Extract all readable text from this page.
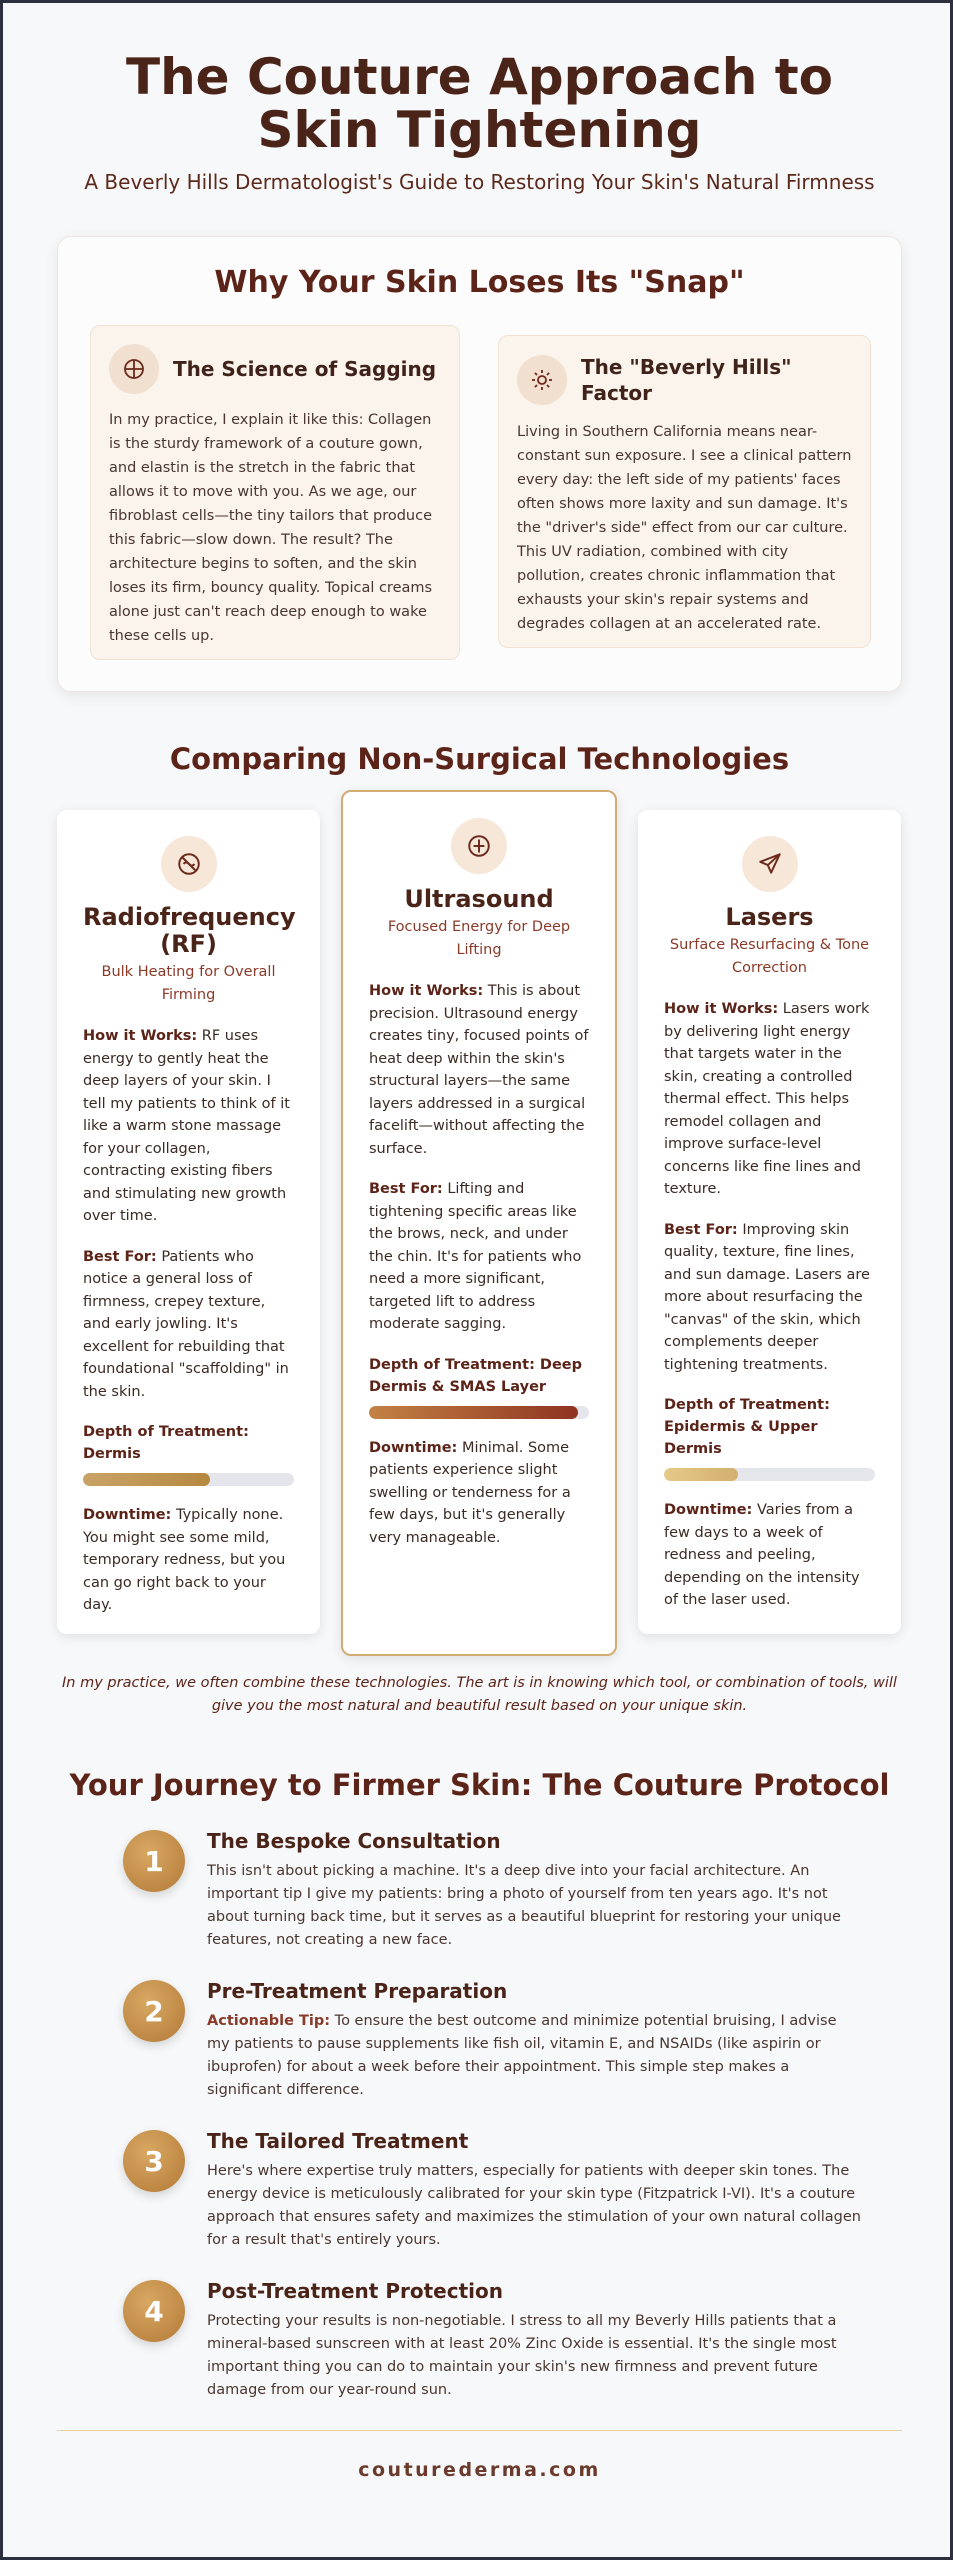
The Couture Approach to Skin Tightening

A Beverly Hills Dermatologist's Guide to Restoring Your Skin's Natural Firmness

Why Your Skin Loses Its "Snap"
The Science of Sagging

In my practice, I explain it like this: Collagen is the sturdy framework of a couture gown, and elastin is the stretch in the fabric that allows it to move with you. As we age, our fibroblast cells—the tiny tailors that produce this fabric—slow down. The result? The architecture begins to soften, and the skin loses its firm, bouncy quality. Topical creams alone just can't reach deep enough to wake these cells up.

The "Beverly Hills" Factor

Living in Southern California means near-constant sun exposure. I see a clinical pattern every day: the left side of my patients' faces often shows more laxity and sun damage. It's the "driver's side" effect from our car culture. This UV radiation, combined with city pollution, creates chronic inflammation that exhausts your skin's repair systems and degrades collagen at an accelerated rate.

Comparing Non-Surgical Technologies
Radiofrequency (RF)
Bulk Heating for Overall Firming
How it Works: RF uses energy to gently heat the deep layers of your skin. I tell my patients to think of it like a warm stone massage for your collagen, contracting existing fibers and stimulating new growth over time.
Best For: Patients who notice a general loss of firmness, crepey texture, and early jowling. It's excellent for rebuilding that foundational "scaffolding" in the skin.
Depth of Treatment: Dermis
Downtime: Typically none. You might see some mild, temporary redness, but you can go right back to your day.
Ultrasound
Focused Energy for Deep Lifting
How it Works: This is about precision. Ultrasound energy creates tiny, focused points of heat deep within the skin's structural layers—the same layers addressed in a surgical facelift—without affecting the surface.
Best For: Lifting and tightening specific areas like the brows, neck, and under the chin. It's for patients who need a more significant, targeted lift to address moderate sagging.
Depth of Treatment: Deep Dermis & SMAS Layer
Downtime: Minimal. Some patients experience slight swelling or tenderness for a few days, but it's generally very manageable.
Lasers
Surface Resurfacing & Tone Correction
How it Works: Lasers work by delivering light energy that targets water in the skin, creating a controlled thermal effect. This helps remodel collagen and improve surface-level concerns like fine lines and texture.
Best For: Improving skin quality, texture, fine lines, and sun damage. Lasers are more about resurfacing the "canvas" of the skin, which complements deeper tightening treatments.
Depth of Treatment: Epidermis & Upper Dermis
Downtime: Varies from a few days to a week of redness and peeling, depending on the intensity of the laser used.

In my practice, we often combine these technologies. The art is in knowing which tool, or combination of tools, will give you the most natural and beautiful result based on your unique skin.

Your Journey to Firmer Skin: The Couture Protocol
1
The Bespoke Consultation

This isn't about picking a machine. It's a deep dive into your facial architecture. An important tip I give my patients: bring a photo of yourself from ten years ago. It's not about turning back time, but it serves as a beautiful blueprint for restoring your unique features, not creating a new face.

2
Pre-Treatment Preparation

Actionable Tip: To ensure the best outcome and minimize potential bruising, I advise my patients to pause supplements like fish oil, vitamin E, and NSAIDs (like aspirin or ibuprofen) for about a week before their appointment. This simple step makes a significant difference.

3
The Tailored Treatment

Here's where expertise truly matters, especially for patients with deeper skin tones. The energy device is meticulously calibrated for your skin type (Fitzpatrick I-VI). It's a couture approach that ensures safety and maximizes the stimulation of your own natural collagen for a result that's entirely yours.

4
Post-Treatment Protection

Protecting your results is non-negotiable. I stress to all my Beverly Hills patients that a mineral-based sunscreen with at least 20% Zinc Oxide is essential. It's the single most important thing you can do to maintain your skin's new firmness and prevent future damage from our year-round sun.

couturederma.com
